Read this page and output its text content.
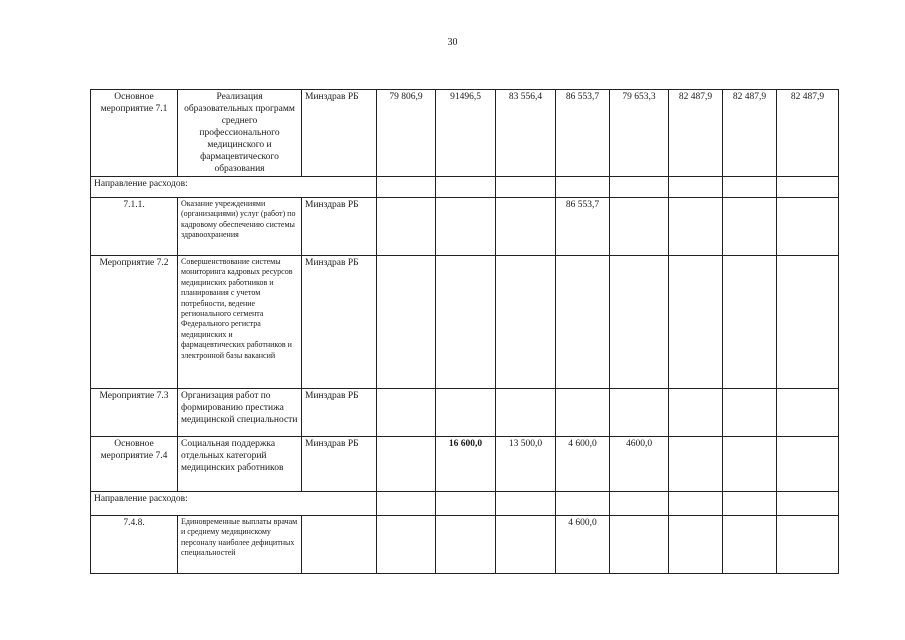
30
Основное мероприятие 7.1	Реализация образовательных программ среднего профессионального медицинского и фармацевтического образования	Минздрав РБ	79 806,9	91496,5	83 556,4	86 553,7	79 653,3	82 487,9	82 487,9	82 487,9
Направление расходов:										
7.1.1.	Оказание учреждениями (организациями) услуг (работ) по кадровому обеспечению системы здравоохранения	Минздрав РБ				86 553,7				
Мероприятие 7.2	Совершенствование системы мониторинга кадровых ресурсов медицинских работников и планирования с учетом потребности, ведение регионального сегмента Федерального регистра медицинских и фармацевтических работников и электронной базы вакансий	Минздрав РБ								
Мероприятие 7.3	Организация работ по формированию престижа медицинской специальности	Минздрав РБ								
Основное мероприятие 7.4	Социальная поддержка отдельных категорий медицинских работников	Минздрав РБ		16 600,0	13 500,0	4 600,0	4600,0			
Направление расходов:										
7.4.8.	Единовременные выплаты врачам и среднему медицинскому персоналу наиболее дефицитных специальностей					4 600,0				
